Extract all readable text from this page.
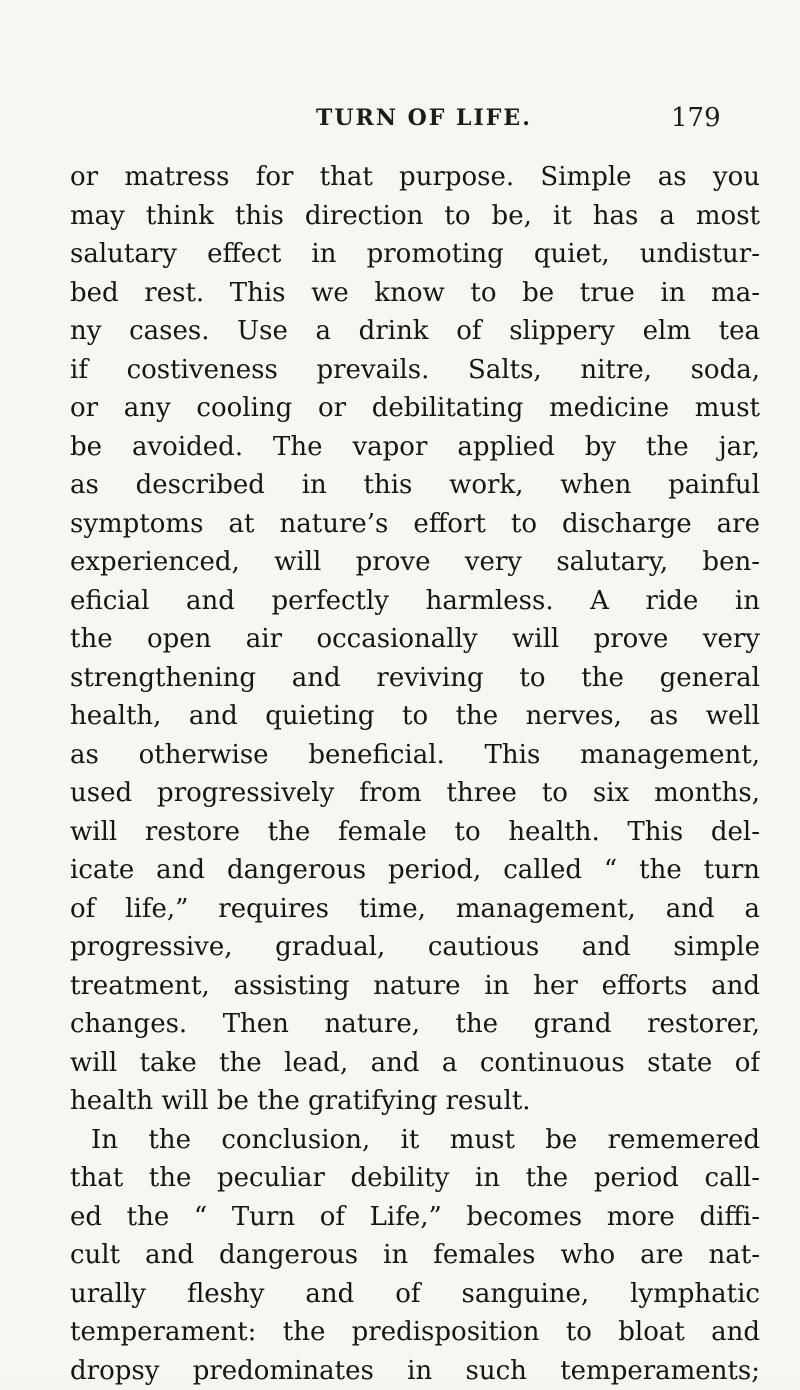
TURN OF LIFE.	179
or matress for that purpose. Simple as you
may think this direction to be, it has a most
salutary effect in promoting quiet, undistur-
bed rest. This we know to be true in ma-
ny cases. Use a drink of slippery elm tea
if costiveness prevails. Salts, nitre, soda,
or any cooling or debilitating medicine must
be avoided. The vapor applied by the jar,
as described in this work, when painful
symptoms at nature’s effort to discharge are
experienced, will prove very salutary, ben-
eficial and perfectly harmless. A ride in
the open air occasionally will prove very
strengthening and reviving to the general
health, and quieting to the nerves, as well
as otherwise beneficial. This management,
used progressively from three to six months,
will restore the female to health. This del-
icate and dangerous period, called “ the turn
of life,” requires time, management, and a
progressive, gradual, cautious and simple
treatment, assisting nature in her efforts and
changes. Then nature, the grand restorer,
will take the lead, and a continuous state of
health will be the gratifying result.
In the conclusion, it must be rememered
that the peculiar debility in the period call-
ed the “ Turn of Life,” becomes more diffi-
cult and dangerous in females who are nat-
urally fleshy and of sanguine, lymphatic
temperament: the predisposition to bloat and
dropsy predominates in such temperaments;
